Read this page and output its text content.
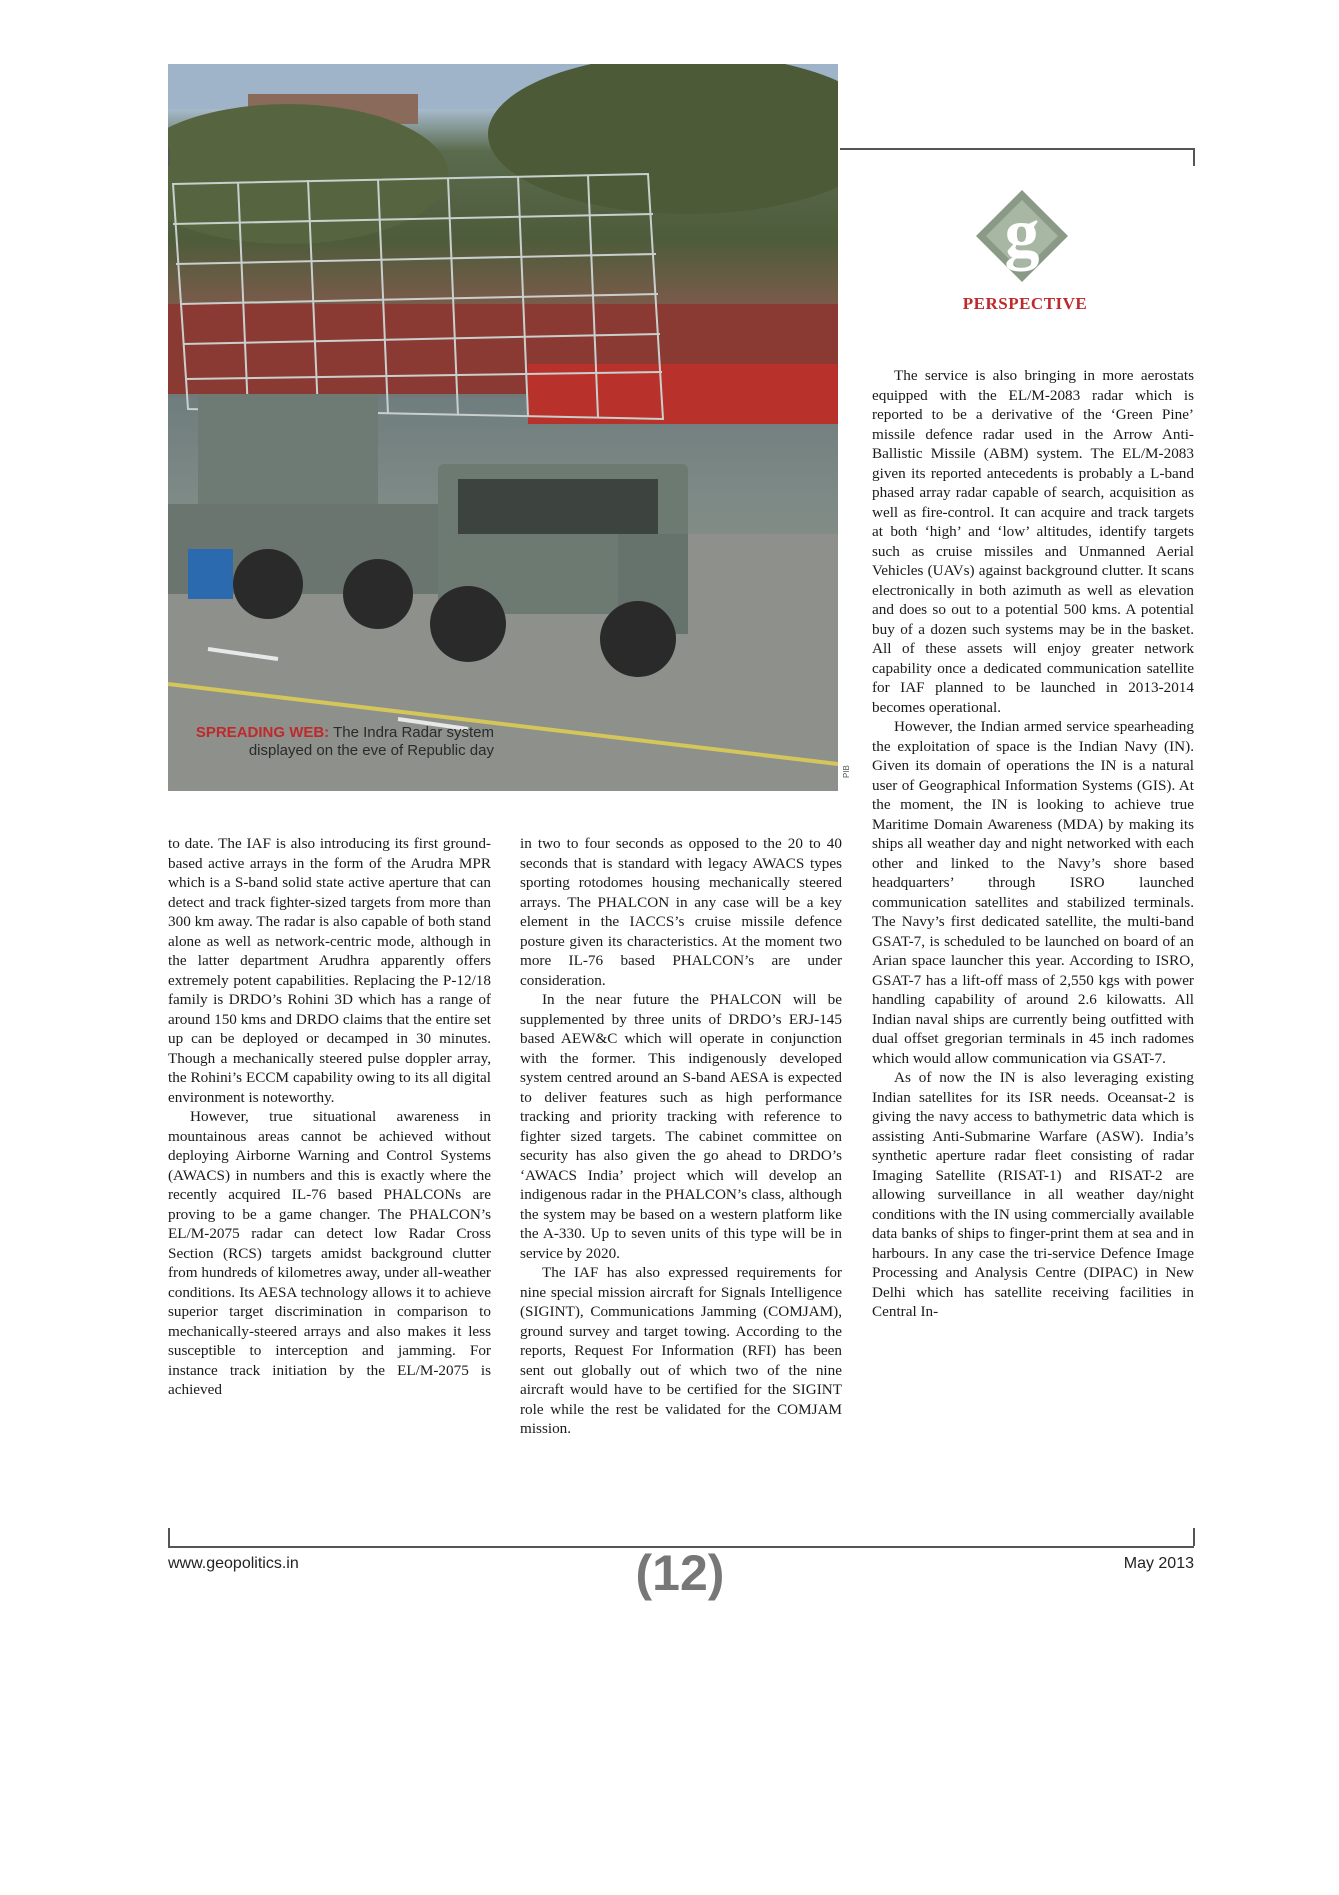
SPREADING WEB: The Indra Radar system displayed on the eve of Republic day
PIB
g
PERSPECTIVE

to date. The IAF is also introducing its first ground-based active arrays in the form of the Arudra MPR which is a S-band solid state active aperture that can detect and track fighter-sized targets from more than 300 km away. The radar is also capable of both stand alone as well as network-centric mode, although in the latter department Arudhra apparently offers extremely potent capabilities. Replacing the P-12/18 family is DRDO’s Rohini 3D which has a range of around 150 kms and DRDO claims that the entire set up can be deployed or decamped in 30 minutes. Though a mechanically steered pulse doppler array, the Rohini’s ECCM capability owing to its all digital environment is noteworthy.

However, true situational awareness in mountainous areas cannot be achieved without deploying Airborne Warning and Control Systems (AWACS) in numbers and this is exactly where the recently acquired IL-76 based PHALCONs are proving to be a game changer. The PHALCON’s EL/M-2075 radar can detect low Radar Cross Section (RCS) targets amidst background clutter from hundreds of kilometres away, under all-weather conditions. Its AESA technology allows it to achieve superior target discrimination in comparison to mechanically-steered arrays and also makes it less susceptible to interception and jamming. For instance track initiation by the EL/M-2075 is achieved

in two to four seconds as opposed to the 20 to 40 seconds that is standard with legacy AWACS types sporting rotodomes housing mechanically steered arrays. The PHALCON in any case will be a key element in the IACCS’s cruise missile defence posture given its characteristics. At the moment two more IL-76 based PHALCON’s are under consideration.

In the near future the PHALCON will be supplemented by three units of DRDO’s ERJ-145 based AEW&C which will operate in conjunction with the former. This indigenously developed system centred around an S-band AESA is expected to deliver features such as high performance tracking and priority tracking with reference to fighter sized targets. The cabinet committee on security has also given the go ahead to DRDO’s ‘AWACS India’ project which will develop an indigenous radar in the PHALCON’s class, although the system may be based on a western platform like the A-330. Up to seven units of this type will be in service by 2020.

The IAF has also expressed requirements for nine special mission aircraft for Signals Intelligence (SIGINT), Communications Jamming (COMJAM), ground survey and target towing. According to the reports, Request For Information (RFI) has been sent out globally out of which two of the nine aircraft would have to be certified for the SIGINT role while the rest be validated for the COMJAM mission.

The service is also bringing in more aerostats equipped with the EL/M-2083 radar which is reported to be a derivative of the ‘Green Pine’ missile defence radar used in the Arrow Anti-Ballistic Missile (ABM) system. The EL/M-2083 given its reported antecedents is probably a L-band phased array radar capable of search, acquisition as well as fire-control. It can acquire and track targets at both ‘high’ and ‘low’ altitudes, identify targets such as cruise missiles and Unmanned Aerial Vehicles (UAVs) against background clutter. It scans electronically in both azimuth as well as elevation and does so out to a potential 500 kms. A potential buy of a dozen such systems may be in the basket. All of these assets will enjoy greater network capability once a dedicated communication satellite for IAF planned to be launched in 2013-2014 becomes operational.

However, the Indian armed service spearheading the exploitation of space is the Indian Navy (IN). Given its domain of operations the IN is a natural user of Geographical Information Systems (GIS). At the moment, the IN is looking to achieve true Maritime Domain Awareness (MDA) by making its ships all weather day and night networked with each other and linked to the Navy’s shore based headquarters’ through ISRO launched communication satellites and stabilized terminals. The Navy’s first dedicated satellite, the multi-band GSAT-7, is scheduled to be launched on board of an Arian space launcher this year. According to ISRO, GSAT-7 has a lift-off mass of 2,550 kgs with power handling capability of around 2.6 kilowatts. All Indian naval ships are currently being outfitted with dual offset gregorian terminals in 45 inch radomes which would allow communication via GSAT-7.

As of now the IN is also leveraging existing Indian satellites for its ISR needs. Oceansat-2 is giving the navy access to bathymetric data which is assisting Anti-Submarine Warfare (ASW). India’s synthetic aperture radar fleet consisting of radar Imaging Satellite (RISAT-1) and RISAT-2 are allowing surveillance in all weather day/night conditions with the IN using commercially available data banks of ships to finger-print them at sea and in harbours. In any case the tri-service Defence Image Processing and Analysis Centre (DIPAC) in New Delhi which has satellite receiving facilities in Central In-

www.geopolitics.in	(12)	May 2013
